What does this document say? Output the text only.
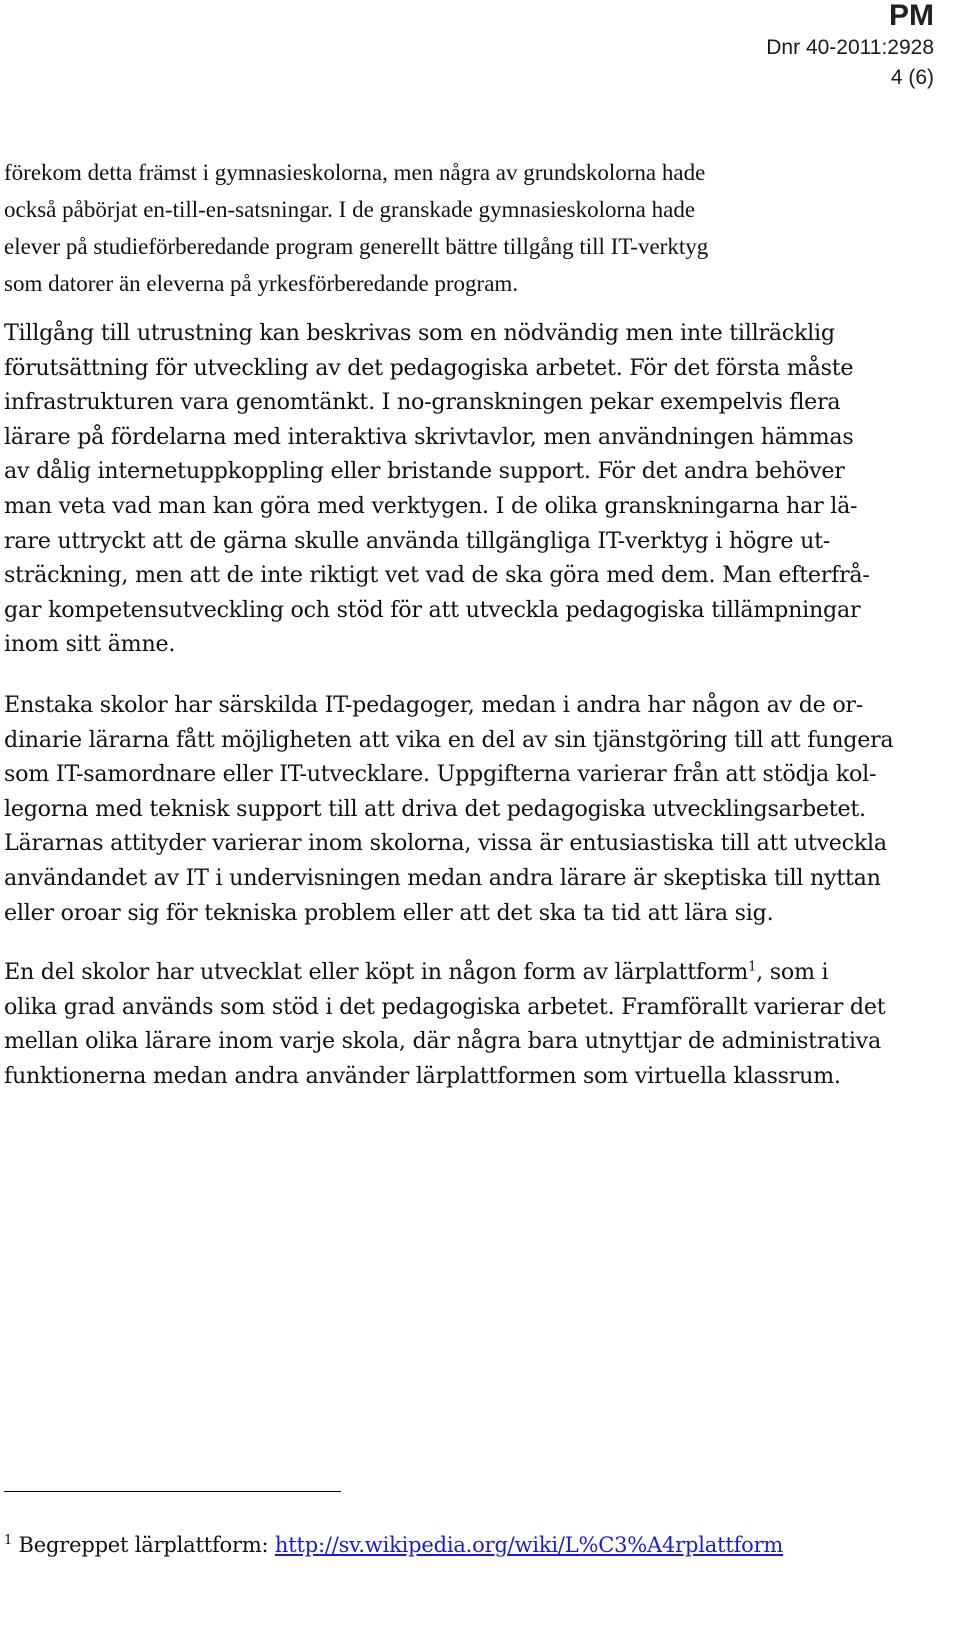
PM
Dnr 40-2011:2928
4 (6)
förekom detta främst i gymnasieskolorna, men några av grundskolorna hade
också påbörjat en-till-en-satsningar. I de granskade gymnasieskolorna hade
elever på studieförberedande program generellt bättre tillgång till IT-verktyg
som datorer än eleverna på yrkesförberedande program.
Tillgång till utrustning kan beskrivas som en nödvändig men inte tillräcklig
förutsättning för utveckling av det pedagogiska arbetet. För det första måste
infrastrukturen vara genomtänkt. I no-granskningen pekar exempelvis flera
lärare på fördelarna med interaktiva skrivtavlor, men användningen hämmas
av dålig internetuppkoppling eller bristande support. För det andra behöver
man veta vad man kan göra med verktygen. I de olika granskningarna har lä-
rare uttryckt att de gärna skulle använda tillgängliga IT-verktyg i högre ut-
sträckning, men att de inte riktigt vet vad de ska göra med dem. Man efterfrå-
gar kompetensutveckling och stöd för att utveckla pedagogiska tillämpningar
inom sitt ämne.
Enstaka skolor har särskilda IT-pedagoger, medan i andra har någon av de or-
dinarie lärarna fått möjligheten att vika en del av sin tjänstgöring till att fungera
som IT-samordnare eller IT-utvecklare. Uppgifterna varierar från att stödja kol-
legorna med teknisk support till att driva det pedagogiska utvecklingsarbetet.
Lärarnas attityder varierar inom skolorna, vissa är entusiastiska till att utveckla
användandet av IT i undervisningen medan andra lärare är skeptiska till nyttan
eller oroar sig för tekniska problem eller att det ska ta tid att lära sig.
En del skolor har utvecklat eller köpt in någon form av lärplattform$^1$, som i
olika grad används som stöd i det pedagogiska arbetet. Framförallt varierar det
mellan olika lärare inom varje skola, där några bara utnyttjar de administrativa
funktionerna medan andra använder lärplattformen som virtuella klassrum.
$^1$ Begreppet lärplattform: http://sv.wikipedia.org/wiki/L%C3%A4rplattform
